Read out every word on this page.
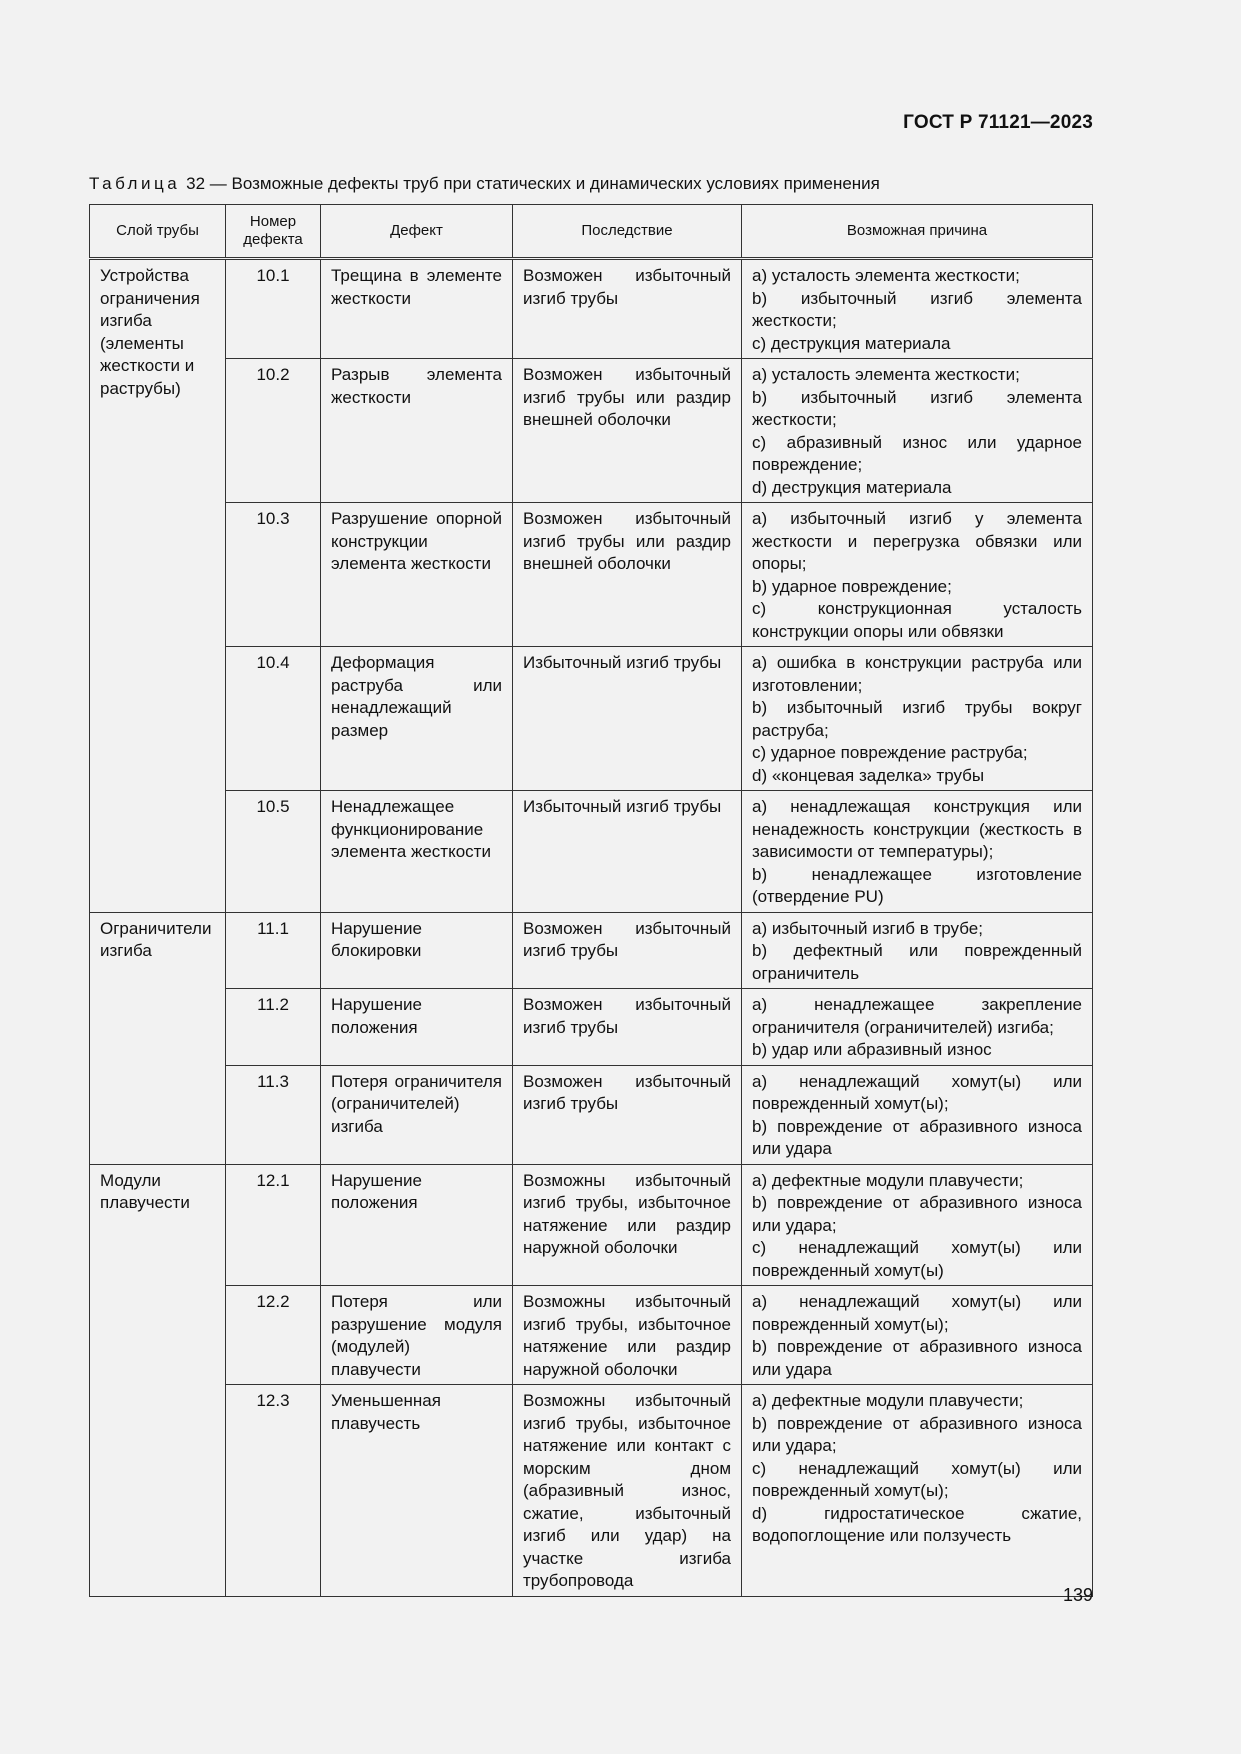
ГОСТ Р 71121—2023
Таблица 32 — Возможные дефекты труб при статических и динамических условиях применения
Слой трубы	Номер дефекта	Дефект	Последствие	Возможная причина
Устройства ограничения изгиба (элементы жесткости и раструбы)	10.1	Трещина в элементе жесткости	Возможен избыточный изгиб трубы	a) усталость элемента жесткости;
b) избыточный изгиб элемента жесткости;
c) деструкция материала

	10.2	Разрыв элемента жесткости	Возможен избыточный изгиб трубы или раздир внешней оболочки	a) усталость элемента жесткости;
b) избыточный изгиб элемента жесткости;
c) абразивный износ или ударное повреждение;
d) деструкция материала

	10.3	Разрушение опорной конструкции элемента жесткости	Возможен избыточный изгиб трубы или раздир внешней оболочки	a) избыточный изгиб у элемента жесткости и перегрузка обвязки или опоры;
b) ударное повреждение;
c) конструкционная усталость конструкции опоры или обвязки

	10.4	Деформация раструба или ненадлежащий размер	Избыточный изгиб трубы	a) ошибка в конструкции раструба или изготовлении;
b) избыточный изгиб трубы вокруг раструба;
c) ударное повреждение раструба;
d) «концевая заделка» трубы

	10.5	Ненадлежащее функционирование элемента жесткости	Избыточный изгиб трубы	a) ненадлежащая конструкция или ненадежность конструкции (жесткость в зависимости от температуры);
b) ненадлежащее изготовление (отвердение PU)

Ограничители изгиба	11.1	Нарушение блокировки	Возможен избыточный изгиб трубы	a) избыточный изгиб в трубе;
b) дефектный или поврежденный ограничитель

	11.2	Нарушение положения	Возможен избыточный изгиб трубы	a) ненадлежащее закрепление ограничителя (ограничителей) изгиба;
b) удар или абразивный износ

	11.3	Потеря ограничителя (ограничителей) изгиба	Возможен избыточный изгиб трубы	a) ненадлежащий хомут(ы) или поврежденный хомут(ы);
b) повреждение от абразивного износа или удара

Модули плавучести	12.1	Нарушение положения	Возможны избыточный изгиб трубы, избыточное натяжение или раздир наружной оболочки	a) дефектные модули плавучести;
b) повреждение от абразивного износа или удара;
c) ненадлежащий хомут(ы) или поврежденный хомут(ы)

	12.2	Потеря или разрушение модуля (модулей) плавучести	Возможны избыточный изгиб трубы, избыточное натяжение или раздир наружной оболочки	a) ненадлежащий хомут(ы) или поврежденный хомут(ы);
b) повреждение от абразивного износа или удара

	12.3	Уменьшенная плавучесть	Возможны избыточный изгиб трубы, избыточное натяжение или контакт с морским дном (абразивный износ, сжатие, избыточный изгиб или удар) на участке изгиба трубопровода	a) дефектные модули плавучести;
b) повреждение от абразивного износа или удара;
c) ненадлежащий хомут(ы) или поврежденный хомут(ы);
d) гидростатическое сжатие, водопоглощение или ползучесть
139
